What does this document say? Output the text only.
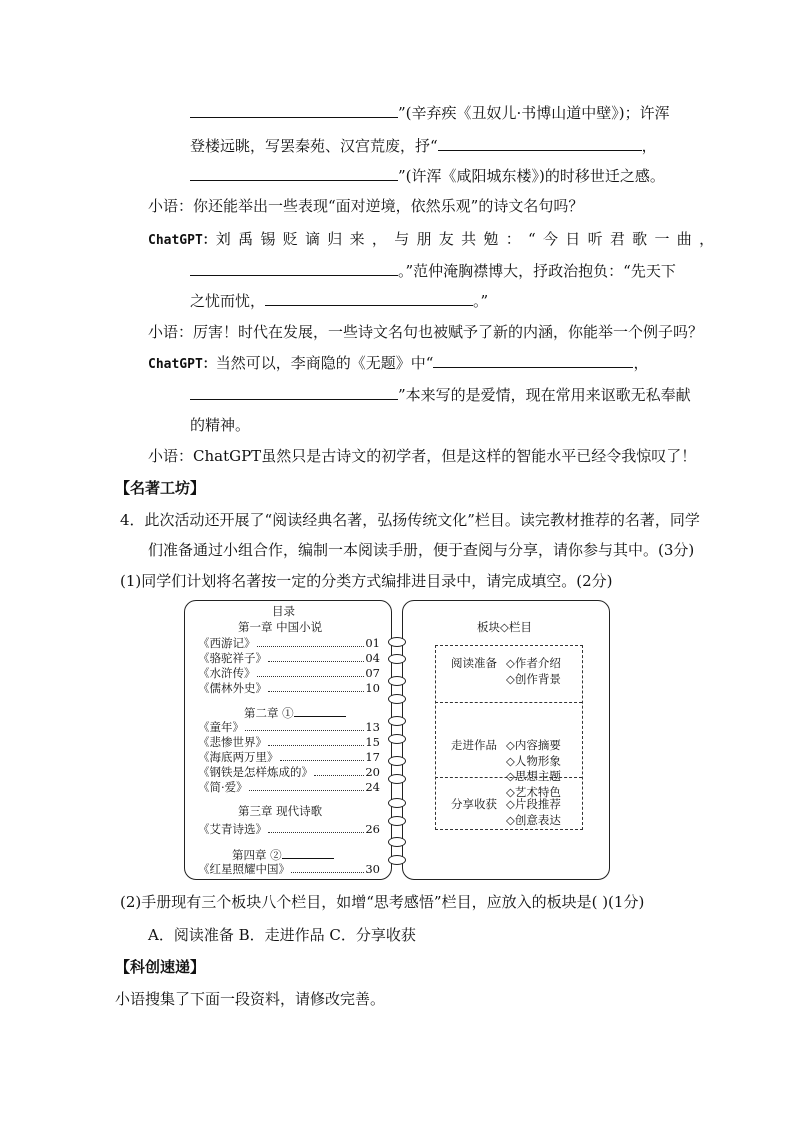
”(辛弃疾《丑奴儿·书博山道中壁》)；许浑
登楼远眺，写罢秦苑、汉宫荒废，抒“	，
”(许浑《咸阳城东楼》)的时移世迁之感。
小语：你还能举出一些表现“面对逆境，依然乐观”的诗文名句吗？
ChatGPT：刘禹锡贬谪归来，与朋友共勉：“今日听君歌一曲，
。”范仲淹胸襟博大，抒政治抱负：“先天下
之忧而忧，	。”
小语：厉害！时代在发展，一些诗文名句也被赋予了新的内涵，你能举一个例子吗？
ChatGPT：当然可以，李商隐的《无题》中“	，
”本来写的是爱情，现在常用来讴歌无私奉献
的精神。
小语：ChatGPT虽然只是古诗文的初学者，但是这样的智能水平已经令我惊叹了！
【名著工坊】
4．此次活动还开展了“阅读经典名著，弘扬传统文化”栏目。读完教材推荐的名著，同学
们准备通过小组合作，编制一本阅读手册，便于查阅与分享，请你参与其中。(3分)
(1)同学们计划将名著按一定的分类方式编排进目录中，请完成填空。(2分)
目录
第一章 中国小说
《西游记》	01
《骆驼祥子》	04
《水浒传》	07
《儒林外史》	10
第二章 ①
《童年》	13
《悲惨世界》	15
《海底两万里》	17
《钢铁是怎样炼成的》	20
《简·爱》	24
第三章 现代诗歌
《艾青诗选》	26
第四章 ②
《红星照耀中国》	30
板块◇栏目
阅读准备 ◇作者介绍
◇创作背景
走进作品 ◇内容摘要
◇人物形象
◇思想主题
◇艺术特色
分享收获 ◇片段推荐
◇创意表达
(2)手册现有三个板块八个栏目，如增“思考感悟”栏目，应放入的板块是( )(1分)
A．阅读准备 B．走进作品 C．分享收获
【科创速递】
小语搜集了下面一段资料，请修改完善。
